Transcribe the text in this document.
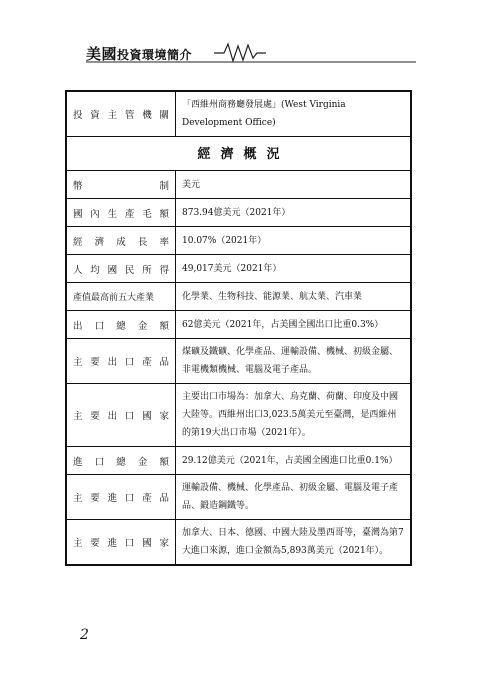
美國投資環境簡介
投資主管機關	「西維州商務廳發展處」(West Virginia Development Office)
經濟概況	
幣制	美元
國內生產毛額	873.94億美元（2021年）
經濟成長率	10.07%（2021年）
人均國民所得	49,017美元（2021年）
產值最高前五大產業	化學業、生物科技、能源業、航太業、汽車業
出口總金額	62億美元（2021年，占美國全國出口比重0.3%）
主要出口產品	煤礦及鐵礦、化學產品、運輸設備、機械、初級金屬、非電機類機械、電腦及電子產品。
主要出口國家	主要出口市場為：加拿大、烏克蘭、荷蘭、印度及中國大陸等。西維州出口3,023.5萬美元至臺灣，是西維州的第19大出口市場（2021年）。
進口總金額	29.12億美元（2021年，占美國全國進口比重0.1%）
主要進口產品	運輸設備、機械、化學產品、初級金屬、電腦及電子產品、鍛造鋼鐵等。
主要進口國家	加拿大、日本、德國、中國大陸及墨西哥等，臺灣為第7大進口來源，進口金額為5,893萬美元（2021年）。
2
